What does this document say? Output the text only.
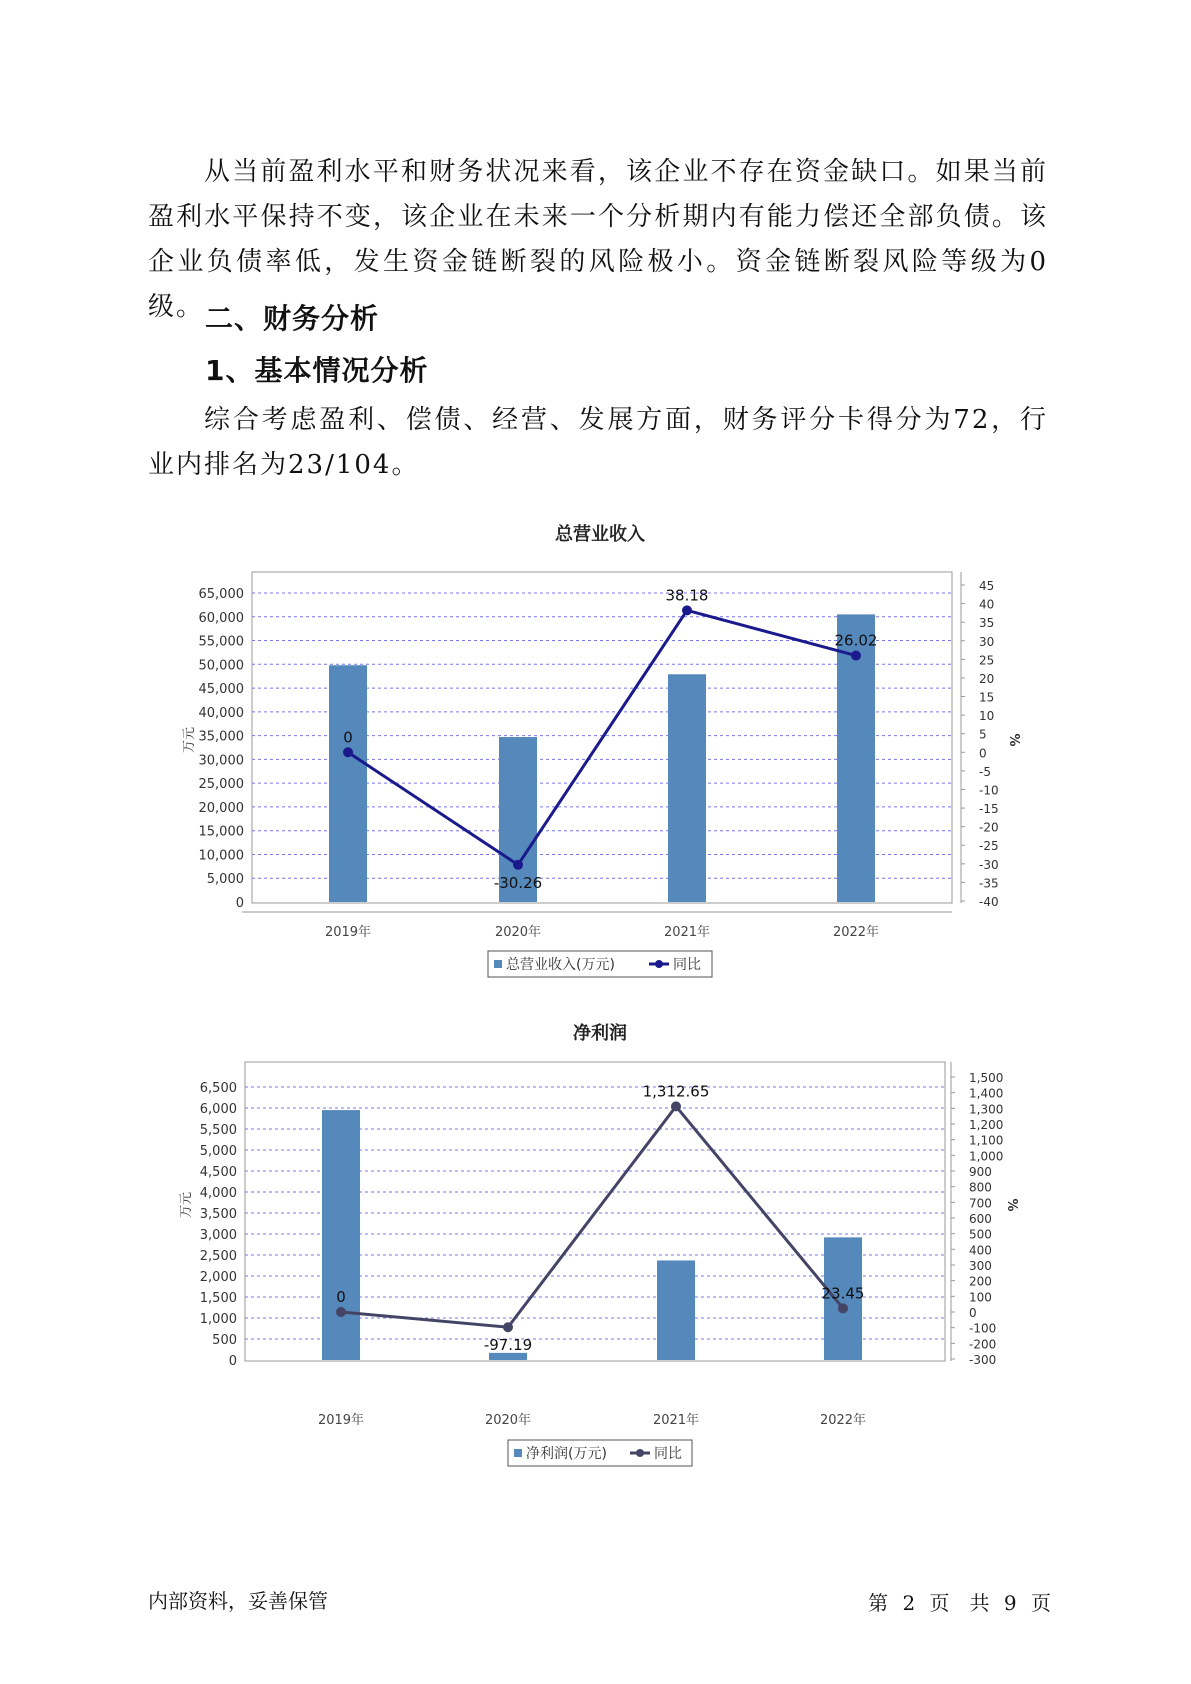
从当前盈利水平和财务状况来看，该企业不存在资金缺口。如果当前盈利水平保持不变，该企业在未来一个分析期内有能力偿还全部负债。该企业负债率低，发生资金链断裂的风险极小。资金链断裂风险等级为0级。 二、财务分析
1、基本情况分析

综合考虑盈利、偿债、经营、发展方面，财务评分卡得分为72，行业内排名为23/104。

总营业收入
0
5,000
10,000
15,000
20,000
25,000
30,000
35,000
40,000
45,000
50,000
55,000
60,000
65,000
-40
-35
-30
-25
-20
-15
-10
-5
0
5
10
15
20
25
30
35
40
45
万元	%
2019年	2020年	2021年	2022年
0
-30.26
38.18
26.02
总营业收入(万元)	同比
净利润
0
500
1,000
1,500
2,000
2,500
3,000
3,500
4,000
4,500
5,000
5,500
6,000
6,500
-300
-200
-100
0
100
200
300
400
500
600
700
800
900
1,000
1,100
1,200
1,300
1,400
1,500
万元	%
2019年	2020年	2021年	2022年
0
-97.19
1,312.65
23.45
净利润(万元)	同比
内部资料，妥善保管	第 2 页　共 9 页
